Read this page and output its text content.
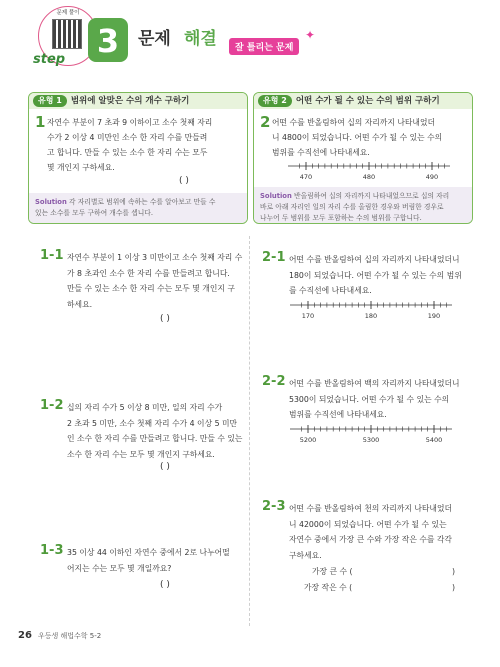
문제 풀이
step 3 문제 해결	잘 틀리는 문제
✦
유형 1 범위에 알맞은 수의 개수 구하기
1 자연수 부분이 7 초과 9 이하이고 소수 첫째 자리
수가 2 이상 4 미만인 소수 한 자리 수를 만들려
고 합니다. 만들 수 있는 소수 한 자리 수는 모두
몇 개인지 구하세요.
( )
Solution 각 자리별로 범위에 속하는 수를 알아보고 만들 수
있는 소수를 모두 구하여 개수를 셉니다.
유형 2 어떤 수가 될 수 있는 수의 범위 구하기
2 어떤 수를 반올림하여 십의 자리까지 나타내었더
니 4800이 되었습니다. 어떤 수가 될 수 있는 수의
범위를 수직선에 나타내세요.
470	480	490
Solution 반올림하여 십의 자리까지 나타내었으므로 십의 자리
바로 아래 자리인 일의 자리 수를 올림한 경우와 버림한 경우로
나누어 두 범위를 모두 포함하는 수의 범위를 구합니다.
1-1 자연수 부분이 1 이상 3 미만이고 소수 첫째 자리 수
가 8 초과인 소수 한 자리 수를 만들려고 합니다.
만들 수 있는 소수 한 자리 수는 모두 몇 개인지 구
하세요.
( )
1-2 십의 자리 수가 5 이상 8 미만, 일의 자리 수가
2 초과 5 미만, 소수 첫째 자리 수가 4 이상 5 미만
인 소수 한 자리 수를 만들려고 합니다. 만들 수 있는
소수 한 자리 수는 모두 몇 개인지 구하세요.
( )
1-3 35 이상 44 이하인 자연수 중에서 2로 나누어떨
어지는 수는 모두 몇 개일까요?
( )
2-1 어떤 수를 반올림하여 십의 자리까지 나타내었더니
180이 되었습니다. 어떤 수가 될 수 있는 수의 범위
를 수직선에 나타내세요.
170	180	190
2-2 어떤 수를 반올림하여 백의 자리까지 나타내었더니
5300이 되었습니다. 어떤 수가 될 수 있는 수의
범위를 수직선에 나타내세요.
5200	5300	5400
2-3 어떤 수를 반올림하여 천의 자리까지 나타내었더
니 42000이 되었습니다. 어떤 수가 될 수 있는
자연수 중에서 가장 큰 수와 가장 작은 수를 각각
구하세요.
가장 큰 수 (	)
가장 작은 수 (	)
26 우등생 해법수학 5-2
